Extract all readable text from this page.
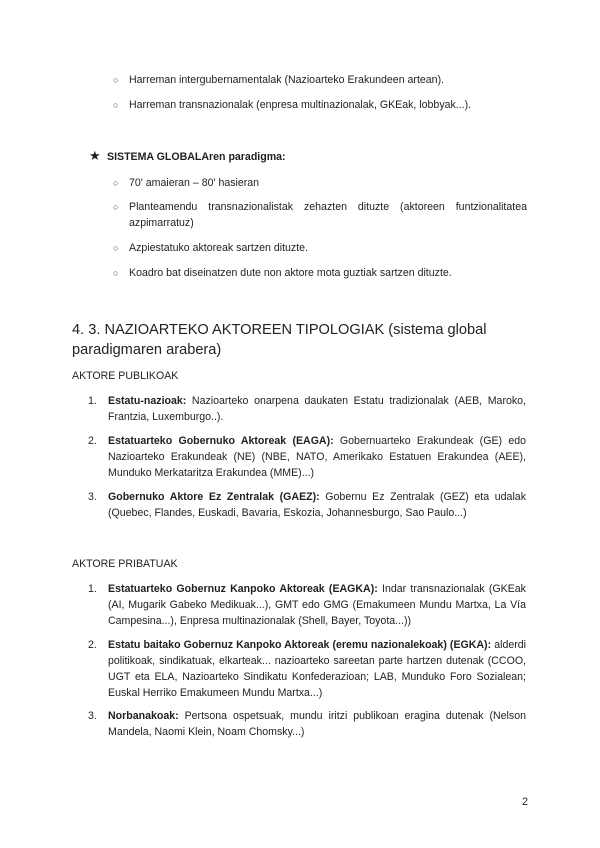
○ Harreman intergubernamentalak (Nazioarteko Erakundeen artean).
○ Harreman transnazionalak (enpresa multinazionalak, GKEak, lobbyak...).
★ SISTEMA GLOBALAren paradigma:
○ 70' amaieran – 80' hasieran
○ Planteamendu transnazionalistak zehazten dituzte (aktoreen funtzionalitatea azpimarratuz)
○ Azpiestatuko aktoreak sartzen dituzte.
○ Koadro bat diseinatzen dute non aktore mota guztiak sartzen dituzte.
4. 3. NAZIOARTEKO AKTOREEN TIPOLOGIAK (sistema global paradigmaren arabera)
AKTORE PUBLIKOAK
1. Estatu-nazioak: Nazioarteko onarpena daukaten Estatu tradizionalak (AEB, Maroko, Frantzia, Luxemburgo..).
2. Estatuarteko Gobernuko Aktoreak (EAGA): Gobernuarteko Erakundeak (GE) edo Nazioarteko Erakundeak (NE) (NBE, NATO, Amerikako Estatuen Erakundea (AEE), Munduko Merkataritza Erakundea (MME)...)
3. Gobernuko Aktore Ez Zentralak (GAEZ): Gobernu Ez Zentralak (GEZ) eta udalak (Quebec, Flandes, Euskadi, Bavaria, Eskozia, Johannesburgo, Sao Paulo...)
AKTORE PRIBATUAK
1. Estatuarteko Gobernuz Kanpoko Aktoreak (EAGKA): Indar transnazionalak (GKEak (AI, Mugarik Gabeko Medikuak...), GMT edo GMG (Emakumeen Mundu Martxa, La Vía Campesina...), Enpresa multinazionalak (Shell, Bayer, Toyota...))
2. Estatu baitako Gobernuz Kanpoko Aktoreak (eremu nazionalekoak) (EGKA): alderdi politikoak, sindikatuak, elkarteak... nazioarteko sareetan parte hartzen dutenak (CCOO, UGT eta ELA, Nazioarteko Sindikatu Konfederazioan; LAB, Munduko Foro Sozialean; Euskal Herriko Emakumeen Mundu Martxa...)
3. Norbanakoak: Pertsona ospetsuak, mundu iritzi publikoan eragina dutenak (Nelson Mandela, Naomi Klein, Noam Chomsky...)
2
